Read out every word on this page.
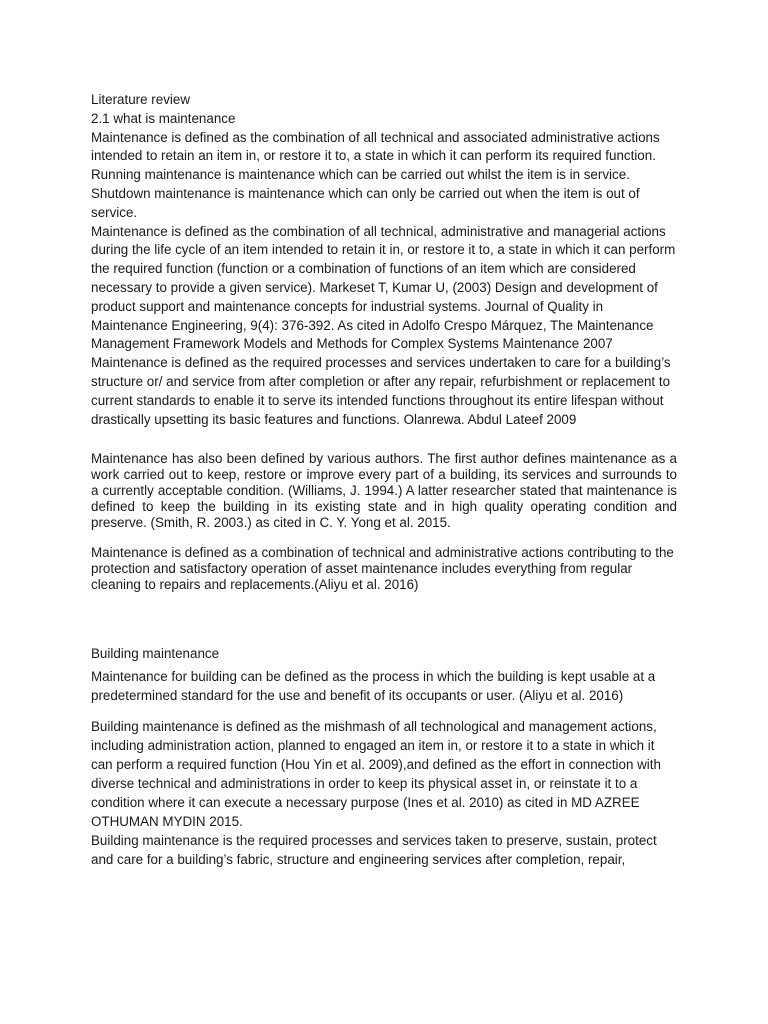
Literature review

2.1 what is maintenance

Maintenance is defined as the combination of all technical and associated administrative actions intended to retain an item in, or restore it to, a state in which it can perform its required function.

Running maintenance is maintenance which can be carried out whilst the item is in service.

Shutdown maintenance is maintenance which can only be carried out when the item is out of service.

Maintenance is defined as the combination of all technical, administrative and managerial actions during the life cycle of an item intended to retain it in, or restore it to, a state in which it can perform the required function (function or a combination of functions of an item which are considered necessary to provide a given service). Markeset T, Kumar U, (2003) Design and development of product support and maintenance concepts for industrial systems. Journal of Quality in Maintenance Engineering, 9(4): 376-392. As cited in Adolfo Crespo Márquez, The Maintenance Management Framework Models and Methods for Complex Systems Maintenance 2007

Maintenance is defined as the required processes and services undertaken to care for a building’s structure or/ and service from after completion or after any repair, refurbishment or replacement to current standards to enable it to serve its intended functions throughout its entire lifespan without drastically upsetting its basic features and functions. Olanrewa. Abdul Lateef 2009

Maintenance has also been defined by various authors. The first author defines maintenance as a work carried out to keep, restore or improve every part of a building, its services and surrounds to a currently acceptable condition. (Williams, J. 1994.) A latter researcher stated that maintenance is defined to keep the building in its existing state and in high quality operating condition and preserve. (Smith, R. 2003.) as cited in C. Y. Yong et al. 2015.

Maintenance is defined as a combination of technical and administrative actions contributing to the protection and satisfactory operation of asset maintenance includes everything from regular cleaning to repairs and replacements.(Aliyu et al. 2016)

Building maintenance

Maintenance for building can be defined as the process in which the building is kept usable at a predetermined standard for the use and benefit of its occupants or user. (Aliyu et al. 2016)

Building maintenance is defined as the mishmash of all technological and management actions, including administration action, planned to engaged an item in, or restore it to a state in which it can perform a required function (Hou Yin et al. 2009),and defined as the effort in connection with diverse technical and administrations in order to keep its physical asset in, or reinstate it to a condition where it can execute a necessary purpose (Ines et al. 2010) as cited in MD AZREE OTHUMAN MYDIN 2015.

Building maintenance is the required processes and services taken to preserve, sustain, protect and care for a building’s fabric, structure and engineering services after completion, repair,
